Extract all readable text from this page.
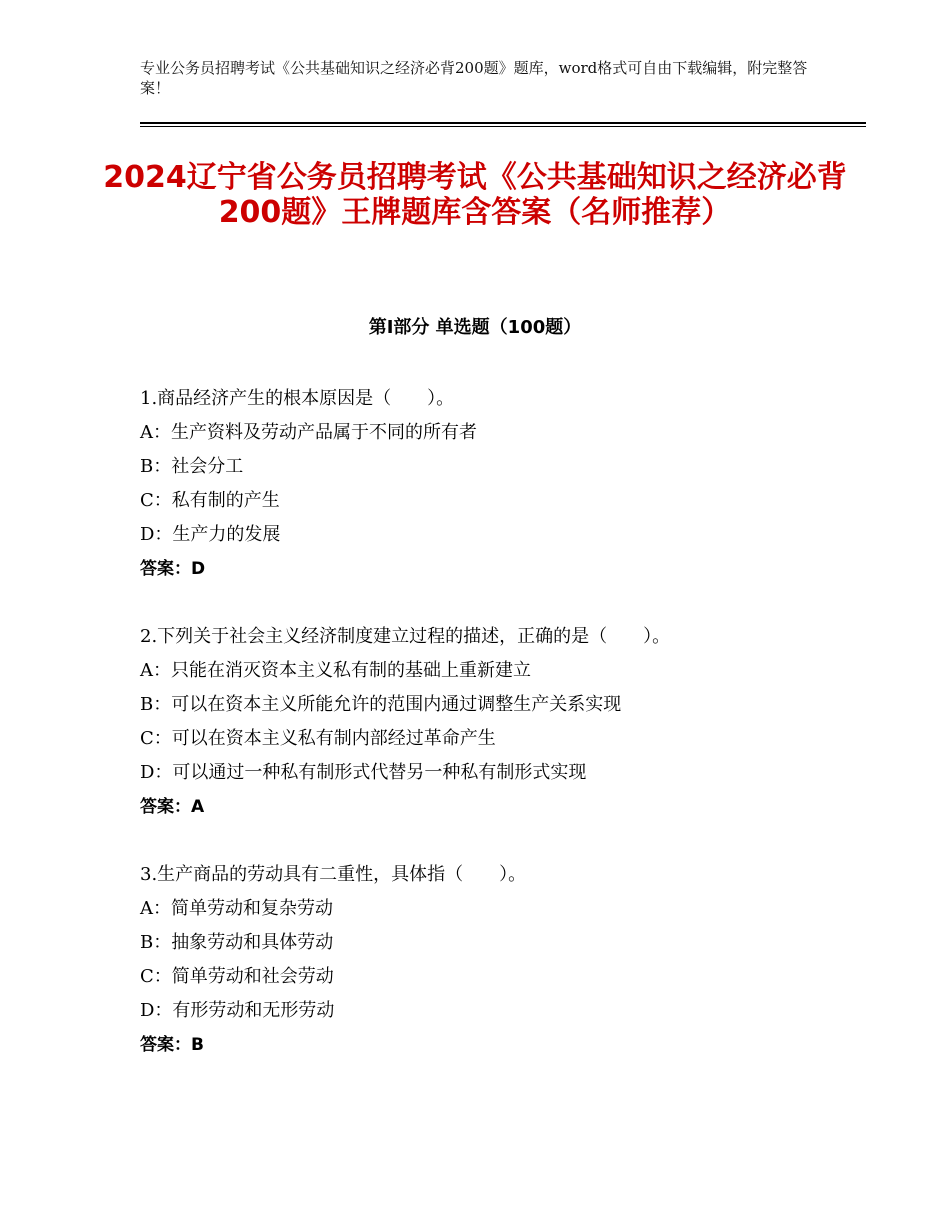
专业公务员招聘考试《公共基础知识之经济必背200题》题库，word格式可自由下载编辑，附完整答案！
2024辽宁省公务员招聘考试《公共基础知识之经济必背200题》王牌题库含答案（名师推荐）
第Ⅰ部分 单选题（100题）
1.商品经济产生的根本原因是（　　）。
A：生产资料及劳动产品属于不同的所有者
B：社会分工
C：私有制的产生
D：生产力的发展
答案：D
2.下列关于社会主义经济制度建立过程的描述，正确的是（　　）。
A：只能在消灭资本主义私有制的基础上重新建立
B：可以在资本主义所能允许的范围内通过调整生产关系实现
C：可以在资本主义私有制内部经过革命产生
D：可以通过一种私有制形式代替另一种私有制形式实现
答案：A
3.生产商品的劳动具有二重性，具体指（　　）。
A：简单劳动和复杂劳动
B：抽象劳动和具体劳动
C：简单劳动和社会劳动
D：有形劳动和无形劳动
答案：B
